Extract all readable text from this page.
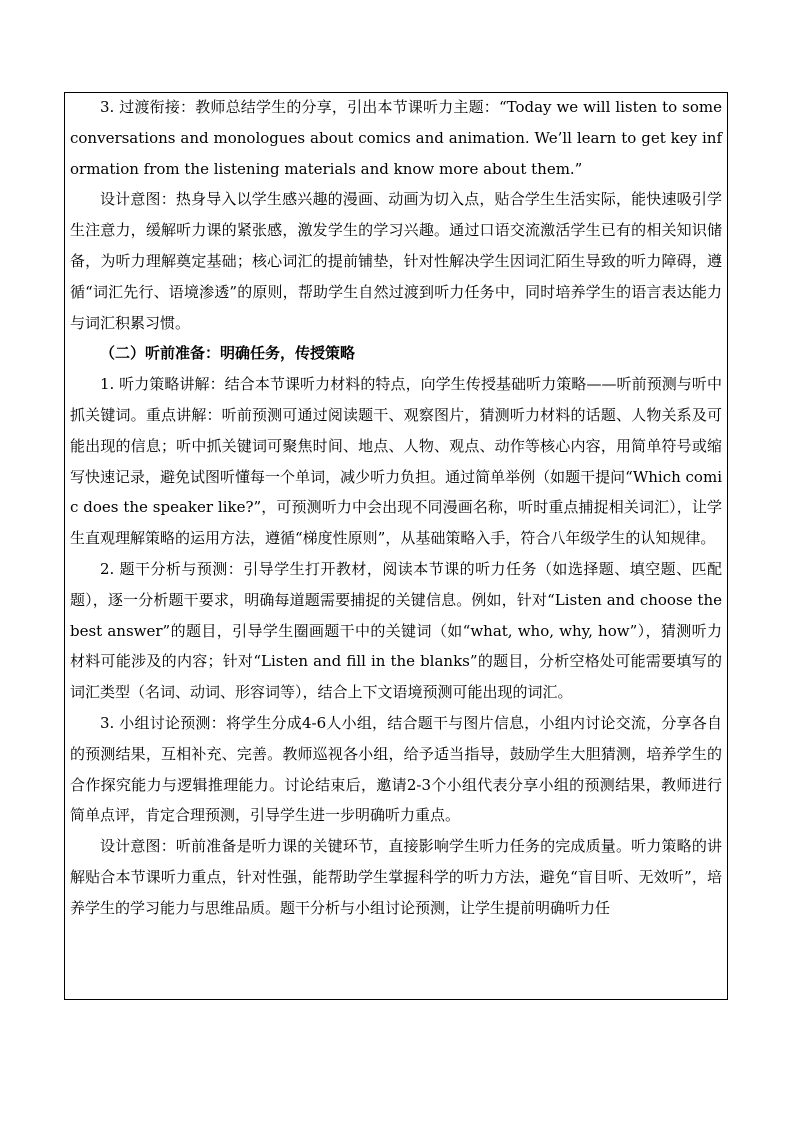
3. 过渡衔接：教师总结学生的分享，引出本节课听力主题：“Today we will listen to some conversations and monologues about comics and animation. We’ll learn to get key information from the listening materials and know more about them.”

设计意图：热身导入以学生感兴趣的漫画、动画为切入点，贴合学生生活实际，能快速吸引学生注意力，缓解听力课的紧张感，激发学生的学习兴趣。通过口语交流激活学生已有的相关知识储备，为听力理解奠定基础；核心词汇的提前铺垫，针对性解决学生因词汇陌生导致的听力障碍，遵循“词汇先行、语境渗透”的原则，帮助学生自然过渡到听力任务中，同时培养学生的语言表达能力与词汇积累习惯。

（二）听前准备：明确任务，传授策略

1. 听力策略讲解：结合本节课听力材料的特点，向学生传授基础听力策略——听前预测与听中抓关键词。重点讲解：听前预测可通过阅读题干、观察图片，猜测听力材料的话题、人物关系及可能出现的信息；听中抓关键词可聚焦时间、地点、人物、观点、动作等核心内容，用简单符号或缩写快速记录，避免试图听懂每一个单词，减少听力负担。通过简单举例（如题干提问“Which comic does the speaker like?”，可预测听力中会出现不同漫画名称，听时重点捕捉相关词汇），让学生直观理解策略的运用方法，遵循“梯度性原则”，从基础策略入手，符合八年级学生的认知规律。

2. 题干分析与预测：引导学生打开教材，阅读本节课的听力任务（如选择题、填空题、匹配题），逐一分析题干要求，明确每道题需要捕捉的关键信息。例如，针对“Listen and choose the best answer”的题目，引导学生圈画题干中的关键词（如“what, who, why, how”），猜测听力材料可能涉及的内容；针对“Listen and fill in the blanks”的题目，分析空格处可能需要填写的词汇类型（名词、动词、形容词等），结合上下文语境预测可能出现的词汇。

3. 小组讨论预测：将学生分成4-6人小组，结合题干与图片信息，小组内讨论交流，分享各自的预测结果，互相补充、完善。教师巡视各小组，给予适当指导，鼓励学生大胆猜测，培养学生的合作探究能力与逻辑推理能力。讨论结束后，邀请2-3个小组代表分享小组的预测结果，教师进行简单点评，肯定合理预测，引导学生进一步明确听力重点。

设计意图：听前准备是听力课的关键环节，直接影响学生听力任务的完成质量。听力策略的讲解贴合本节课听力重点，针对性强，能帮助学生掌握科学的听力方法，避免“盲目听、无效听”，培养学生的学习能力与思维品质。题干分析与小组讨论预测，让学生提前明确听力任
